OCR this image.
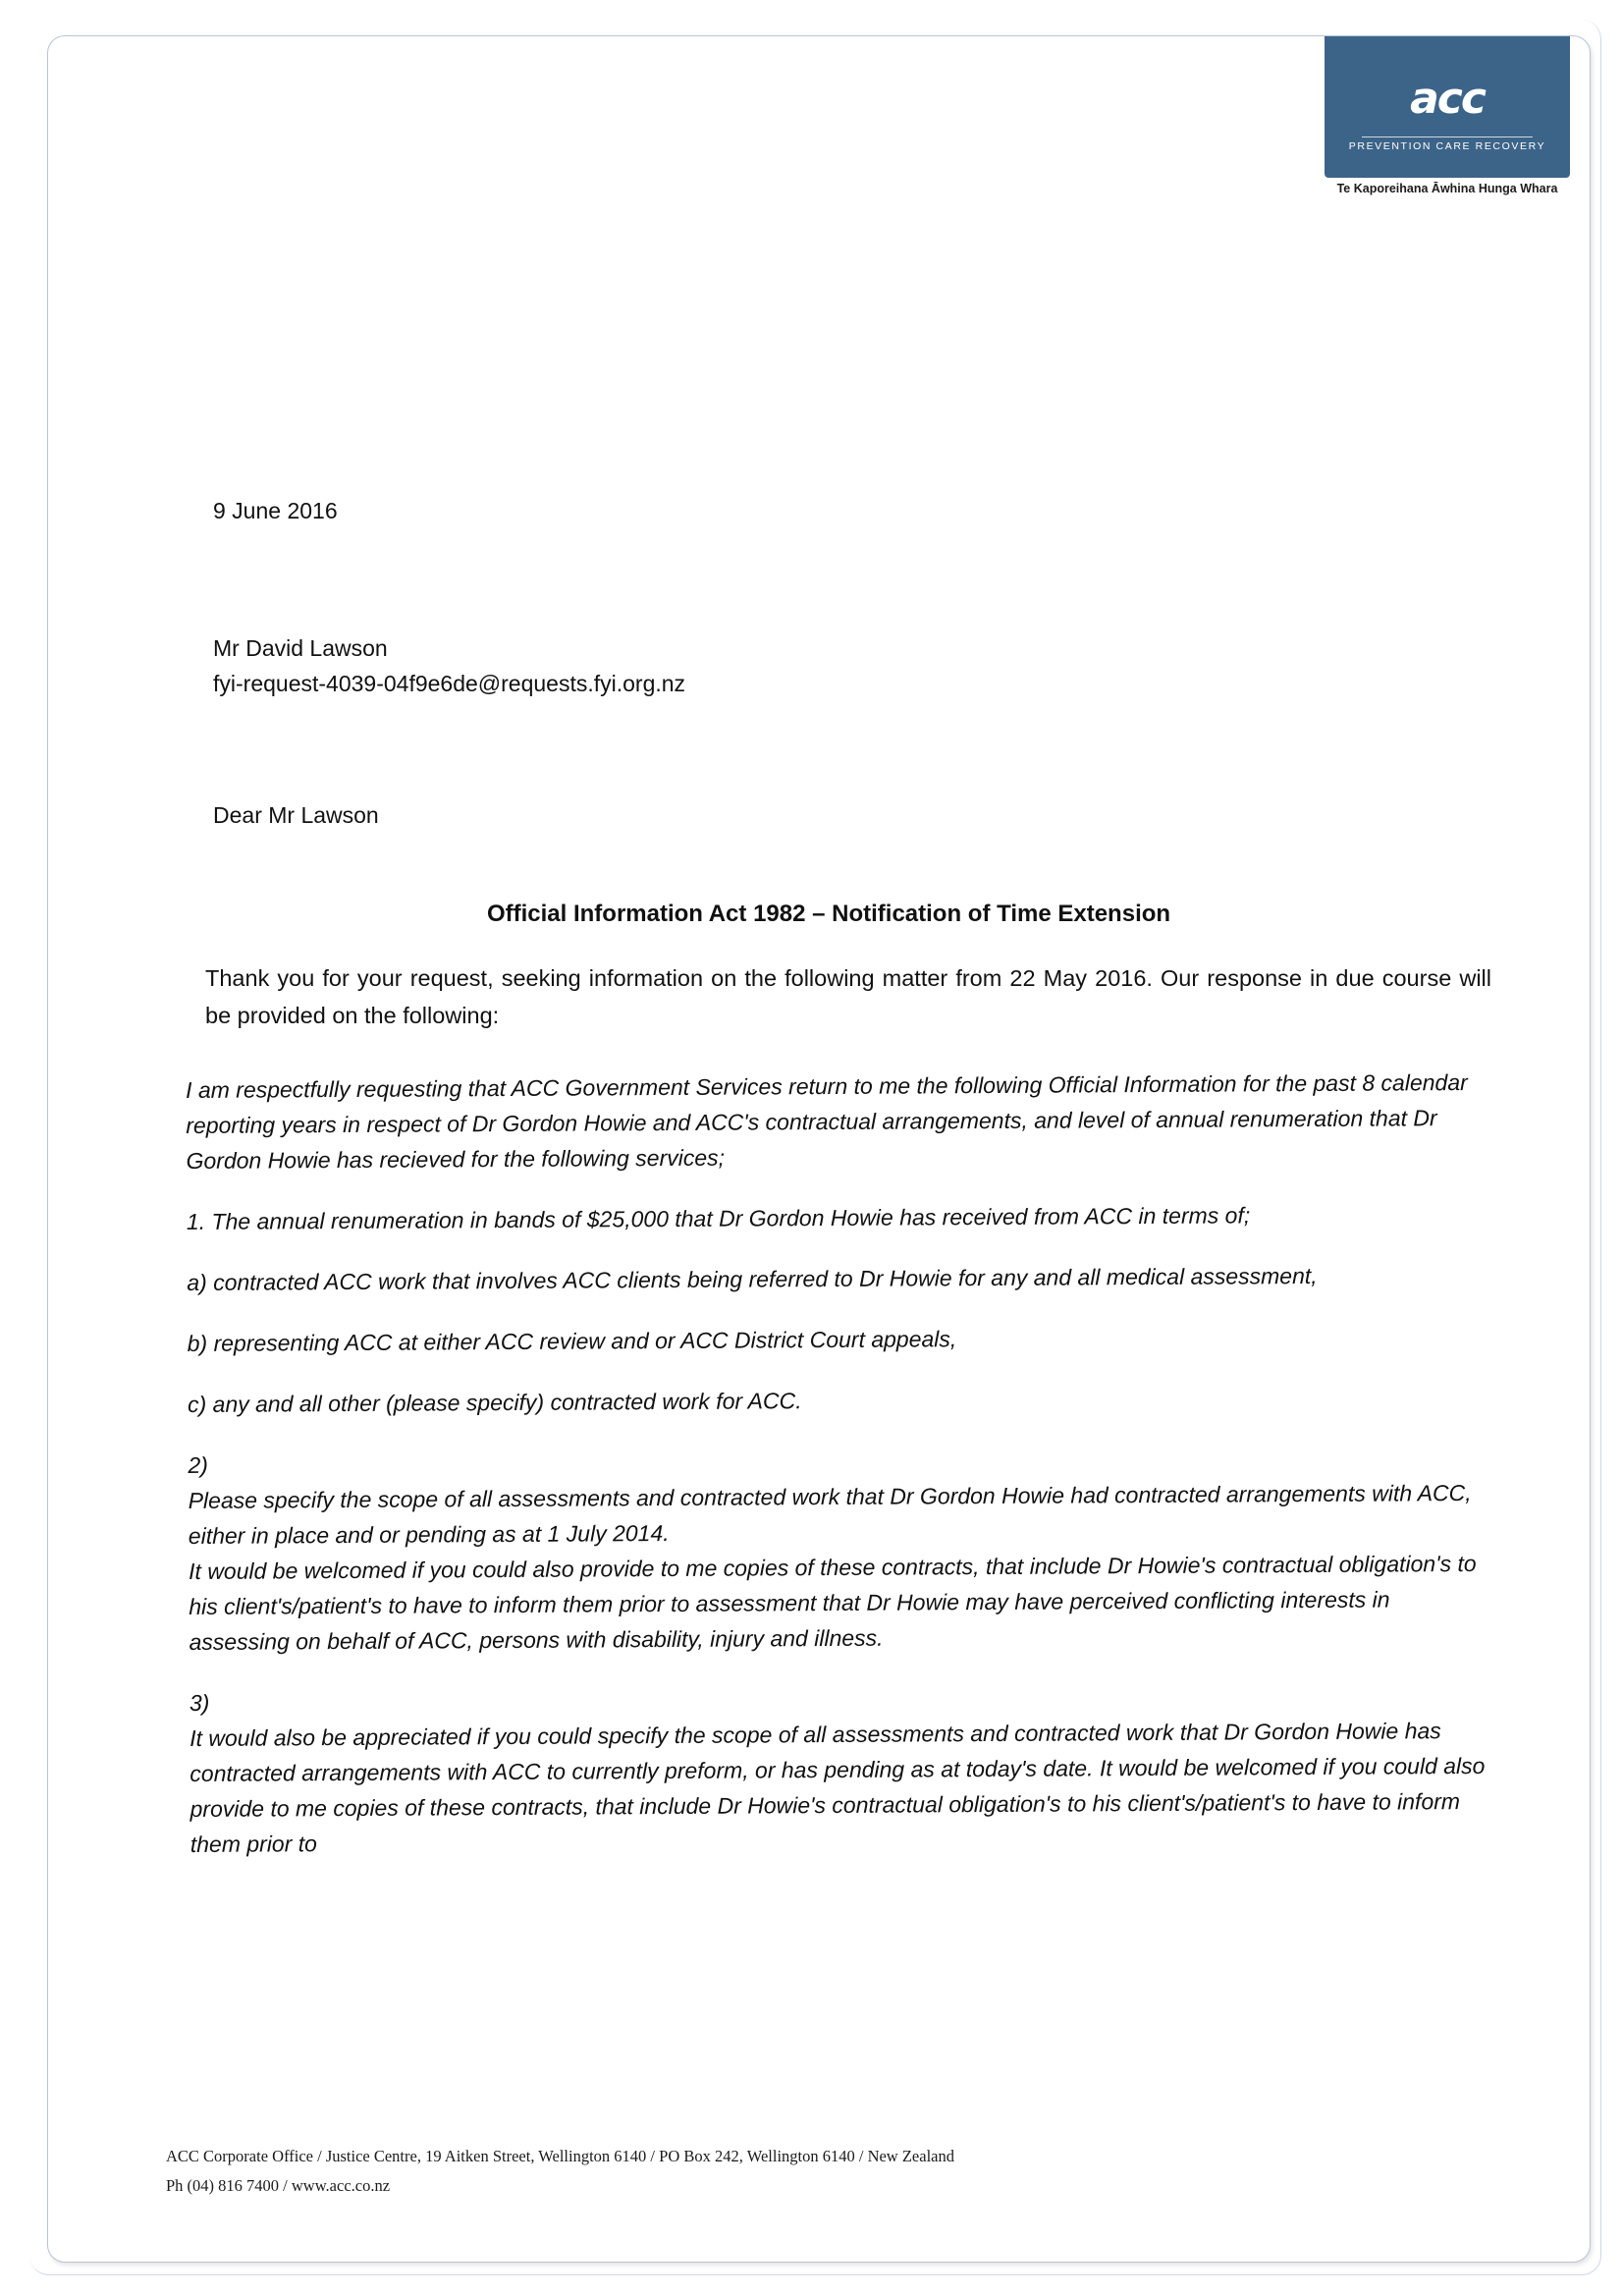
acc
PREVENTION CARE RECOVERY
Te Kaporeihana Āwhina Hunga Whara
9 June 2016
Mr David Lawson
fyi-request-4039-04f9e6de@requests.fyi.org.nz
Dear Mr Lawson
Official Information Act 1982 – Notification of Time Extension
Thank you for your request, seeking information on the following matter from 22 May 2016. Our response in due course will be provided on the following:

I am respectfully requesting that ACC Government Services return to me the following Official Information for the past 8 calendar reporting years in respect of Dr Gordon Howie and ACC's contractual arrangements, and level of annual renumeration that Dr Gordon Howie has recieved for the following services;

1. The annual renumeration in bands of $25,000 that Dr Gordon Howie has received from ACC in terms of;

a) contracted ACC work that involves ACC clients being referred to Dr Howie for any and all medical assessment,

b) representing ACC at either ACC review and or ACC District Court appeals,

c) any and all other (please specify) contracted work for ACC.

2)

Please specify the scope of all assessments and contracted work that Dr Gordon Howie had contracted arrangements with ACC, either in place and or pending as at 1 July 2014.

It would be welcomed if you could also provide to me copies of these contracts, that include Dr Howie's contractual obligation's to his client's/patient's to have to inform them prior to assessment that Dr Howie may have perceived conflicting interests in assessing on behalf of ACC, persons with disability, injury and illness.

3)

It would also be appreciated if you could specify the scope of all assessments and contracted work that Dr Gordon Howie has contracted arrangements with ACC to currently preform, or has pending as at today's date. It would be welcomed if you could also provide to me copies of these contracts, that include Dr Howie's contractual obligation's to his client's/patient's to have to inform them prior to

ACC Corporate Office / Justice Centre, 19 Aitken Street, Wellington 6140 / PO Box 242, Wellington 6140 / New Zealand
Ph (04) 816 7400 / www.acc.co.nz
